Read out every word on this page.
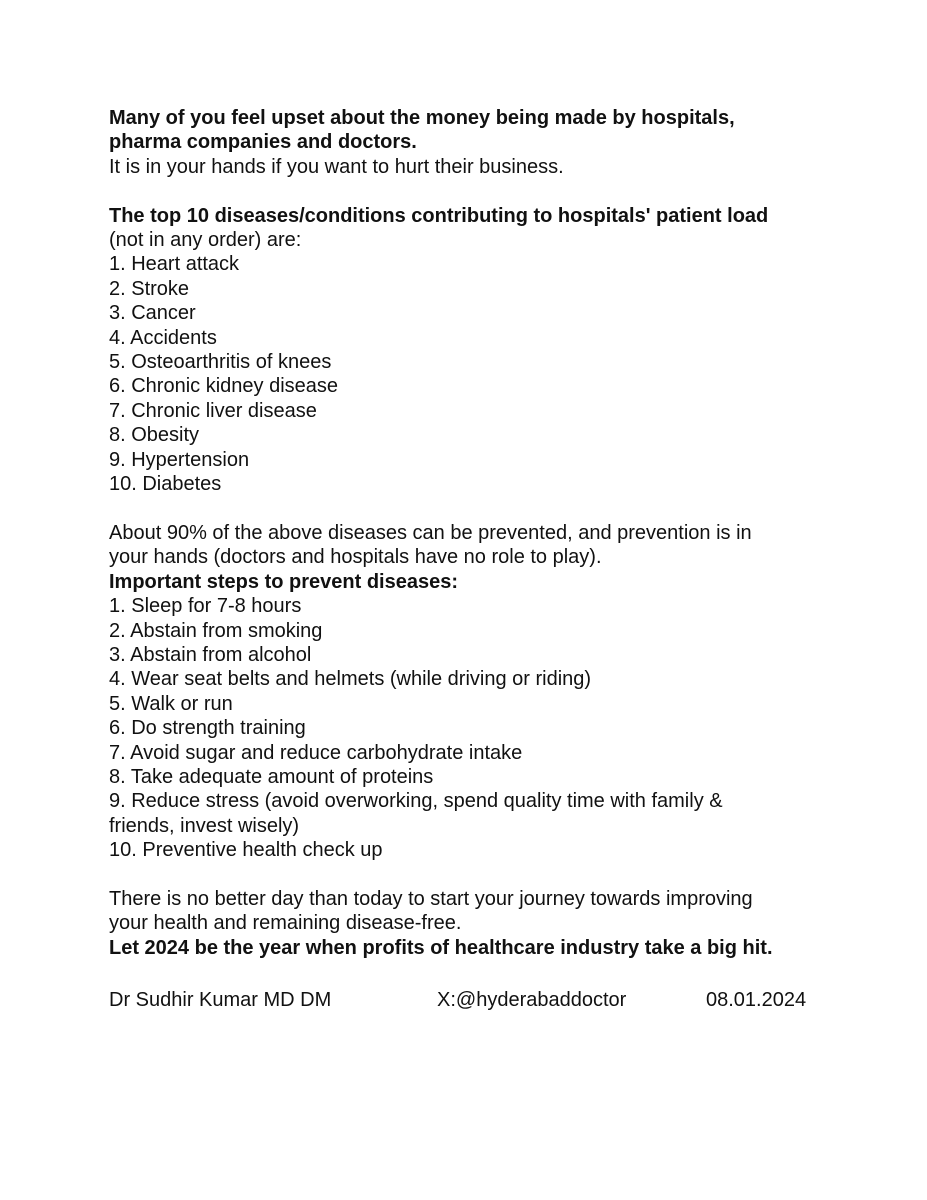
Many of you feel upset about the money being made by hospitals,
pharma companies and doctors.
It is in your hands if you want to hurt their business.
The top 10 diseases/conditions contributing to hospitals' patient load
(not in any order) are:
1. Heart attack
2. Stroke
3. Cancer
4. Accidents
5. Osteoarthritis of knees
6. Chronic kidney disease
7. Chronic liver disease
8. Obesity
9. Hypertension
10. Diabetes
About 90% of the above diseases can be prevented, and prevention is in
your hands (doctors and hospitals have no role to play).
Important steps to prevent diseases:
1. Sleep for 7-8 hours
2. Abstain from smoking
3. Abstain from alcohol
4. Wear seat belts and helmets (while driving or riding)
5. Walk or run
6. Do strength training
7. Avoid sugar and reduce carbohydrate intake
8. Take adequate amount of proteins
9. Reduce stress (avoid overworking, spend quality time with family &
friends, invest wisely)
10. Preventive health check up
There is no better day than today to start your journey towards improving
your health and remaining disease-free.
Let 2024 be the year when profits of healthcare industry take a big hit.
Dr Sudhir Kumar MD DM	X:@hyderabaddoctor	08.01.2024
